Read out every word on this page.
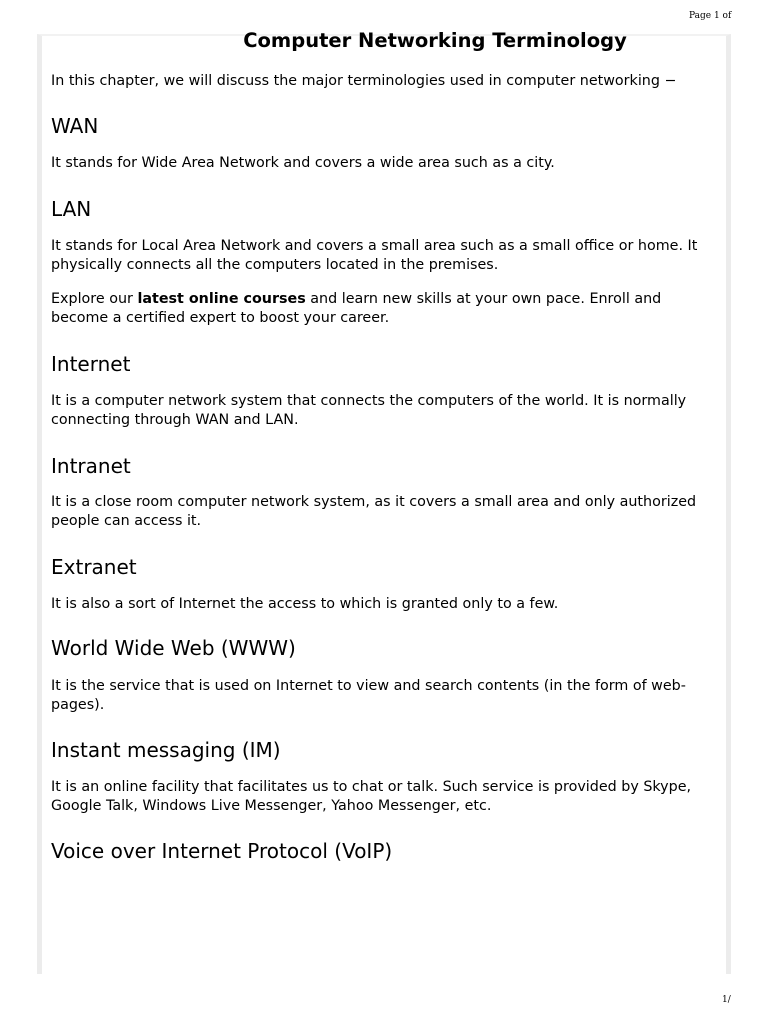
Page 1 of
Computer Networking Terminology

In this chapter, we will discuss the major terminologies used in computer networking −

WAN

It stands for Wide Area Network and covers a wide area such as a city.

LAN

It stands for Local Area Network and covers a small area such as a small office or home. It physically connects all the computers located in the premises.

Explore our latest online courses and learn new skills at your own pace. Enroll and become a certified expert to boost your career.

Internet

It is a computer network system that connects the computers of the world. It is normally connecting through WAN and LAN.

Intranet

It is a close room computer network system, as it covers a small area and only authorized people can access it.

Extranet

It is also a sort of Internet the access to which is granted only to a few.

World Wide Web (WWW)

It is the service that is used on Internet to view and search contents (in the form of web-pages).

Instant messaging (IM)

It is an online facility that facilitates us to chat or talk. Such service is provided by Skype, Google Talk, Windows Live Messenger, Yahoo Messenger, etc.

Voice over Internet Protocol (VoIP)
1/
